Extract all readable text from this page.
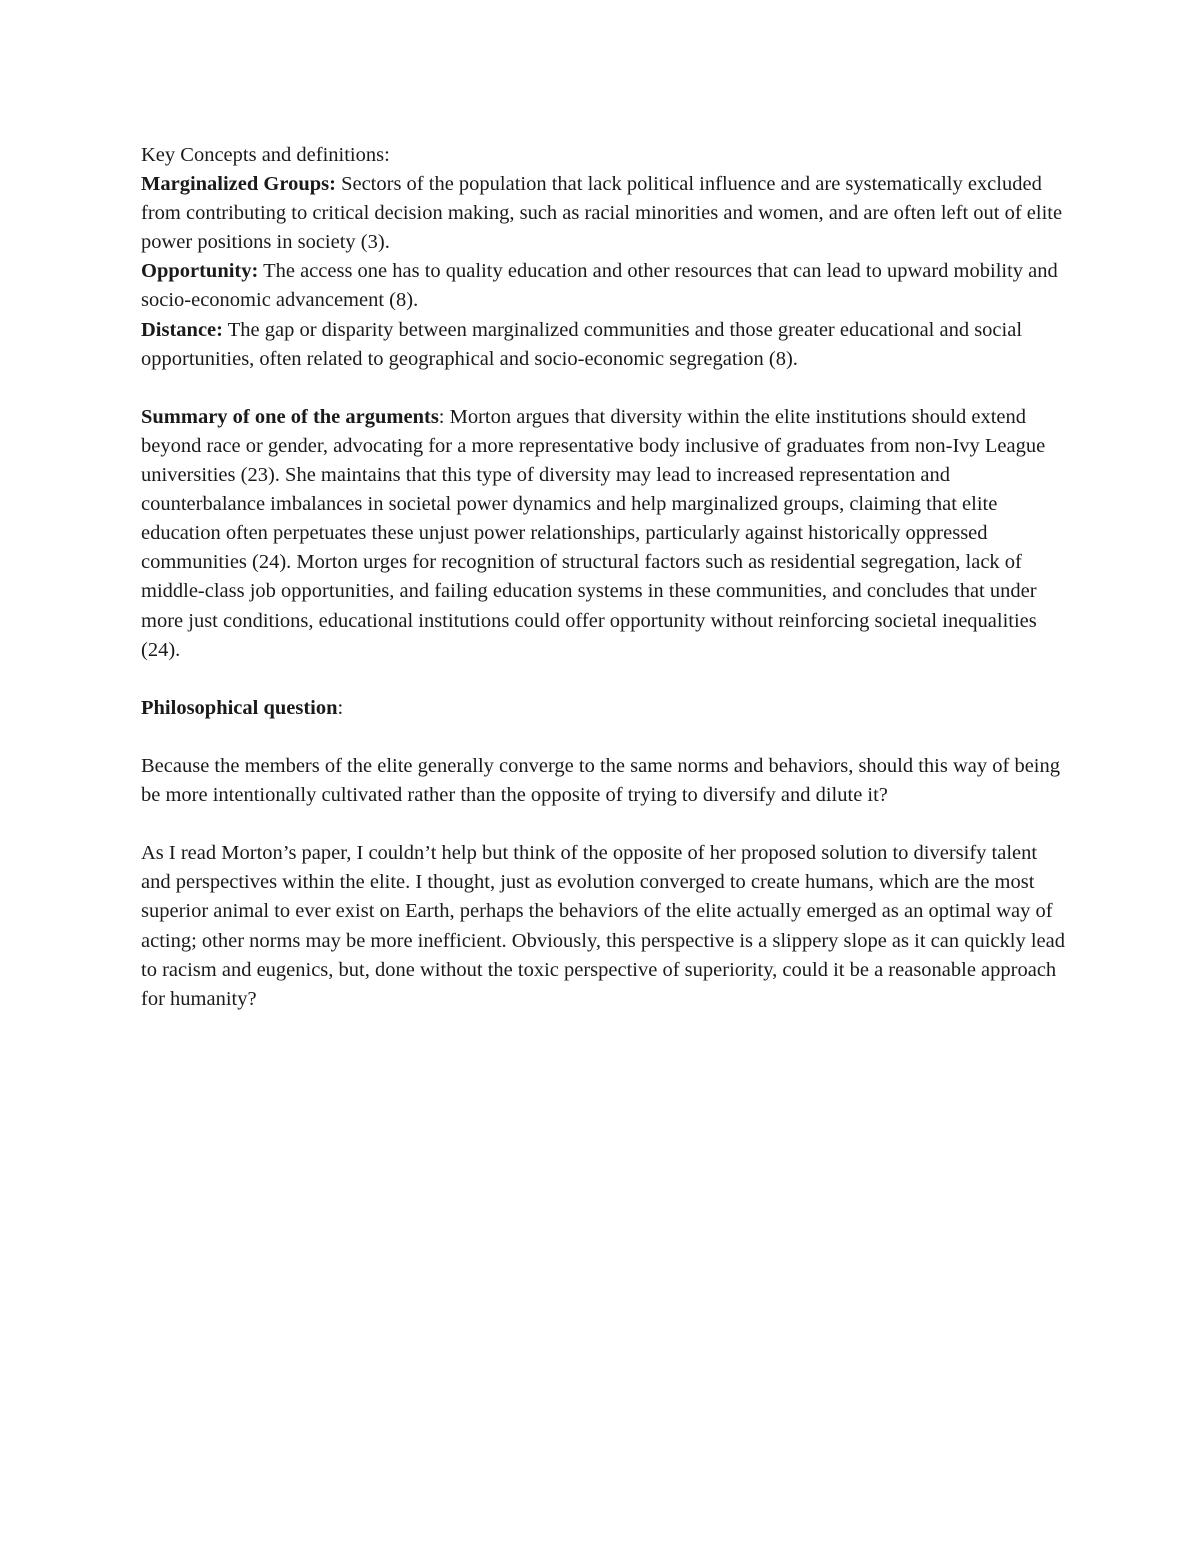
Key Concepts and definitions:

Marginalized Groups: Sectors of the population that lack political influence and are systematically excluded from contributing to critical decision making, such as racial minorities and women, and are often left out of elite power positions in society (3).

Opportunity: The access one has to quality education and other resources that can lead to upward mobility and socio-economic advancement (8).

Distance: The gap or disparity between marginalized communities and those greater educational and social opportunities, often related to geographical and socio-economic segregation (8).

Summary of one of the arguments: Morton argues that diversity within the elite institutions should extend beyond race or gender, advocating for a more representative body inclusive of graduates from non-Ivy League universities (23). She maintains that this type of diversity may lead to increased representation and counterbalance imbalances in societal power dynamics and help marginalized groups, claiming that elite education often perpetuates these unjust power relationships, particularly against historically oppressed communities (24). Morton urges for recognition of structural factors such as residential segregation, lack of middle-class job opportunities, and failing education systems in these communities, and concludes that under more just conditions, educational institutions could offer opportunity without reinforcing societal inequalities (24).

Philosophical question:

Because the members of the elite generally converge to the same norms and behaviors, should this way of being be more intentionally cultivated rather than the opposite of trying to diversify and dilute it?

As I read Morton’s paper, I couldn’t help but think of the opposite of her proposed solution to diversify talent and perspectives within the elite. I thought, just as evolution converged to create humans, which are the most superior animal to ever exist on Earth, perhaps the behaviors of the elite actually emerged as an optimal way of acting; other norms may be more inefficient. Obviously, this perspective is a slippery slope as it can quickly lead to racism and eugenics, but, done without the toxic perspective of superiority, could it be a reasonable approach for humanity?
